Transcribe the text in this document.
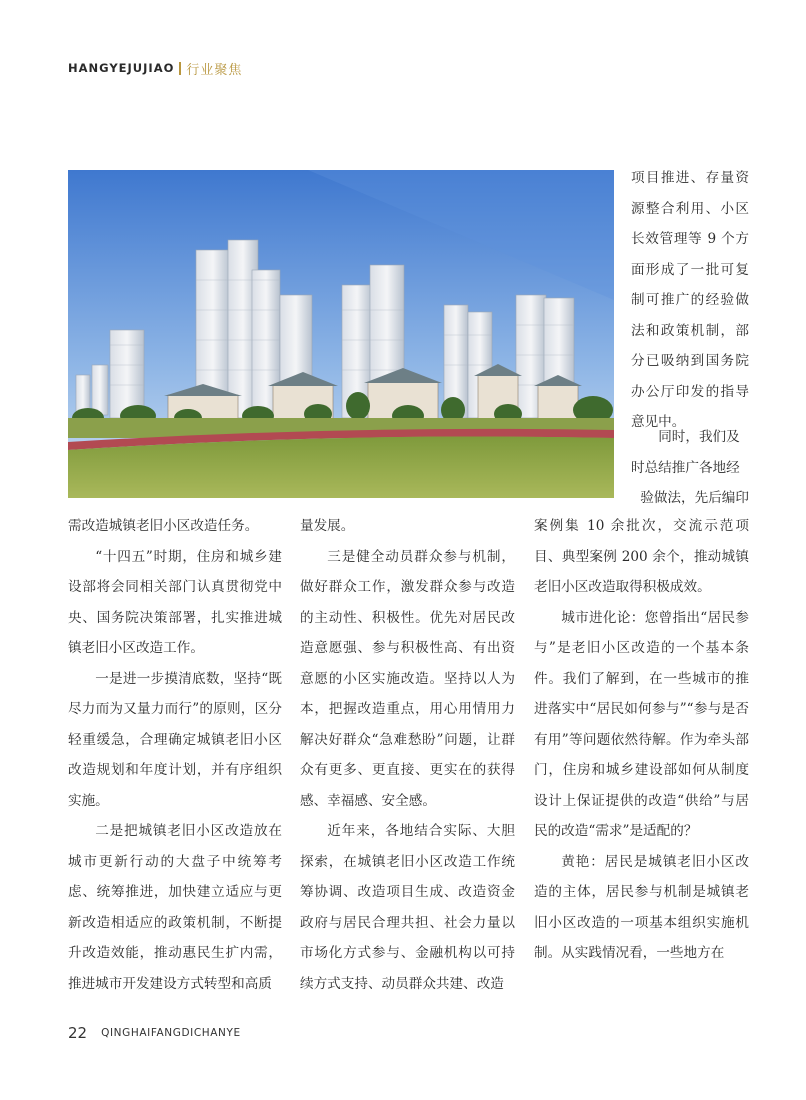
HANGYEJUJIAO 行业聚焦

项目推进、存量资源整合利用、小区长效管理等 9 个方面形成了一批可复制可推广的经验做法和政策机制，部分已吸纳到国务院办公厅印发的指导意见中。

同时，我们及

时总结推广各地经

验做法，先后编印

需改造城镇老旧小区改造任务。

“十四五”时期，住房和城乡建设部将会同相关部门认真贯彻党中央、国务院决策部署，扎实推进城镇老旧小区改造工作。

一是进一步摸清底数，坚持“既尽力而为又量力而行”的原则，区分轻重缓急，合理确定城镇老旧小区改造规划和年度计划，并有序组织实施。

二是把城镇老旧小区改造放在城市更新行动的大盘子中统筹考虑、统筹推进，加快建立适应与更新改造相适应的政策机制，不断提升改造效能，推动惠民生扩内需，推进城市开发建设方式转型和高质

量发展。

三是健全动员群众参与机制，做好群众工作，激发群众参与改造的主动性、积极性。优先对居民改造意愿强、参与积极性高、有出资意愿的小区实施改造。坚持以人为本，把握改造重点，用心用情用力解决好群众“急难愁盼”问题，让群众有更多、更直接、更实在的获得感、幸福感、安全感。

近年来，各地结合实际、大胆探索，在城镇老旧小区改造工作统筹协调、改造项目生成、改造资金政府与居民合理共担、社会力量以市场化方式参与、金融机构以可持续方式支持、动员群众共建、改造

案例集 10 余批次，交流示范项目、典型案例 200 余个，推动城镇老旧小区改造取得积极成效。

城市进化论：您曾指出“居民参与”是老旧小区改造的一个基本条件。我们了解到，在一些城市的推进落实中“居民如何参与”“参与是否有用”等问题依然待解。作为牵头部门，住房和城乡建设部如何从制度设计上保证提供的改造“供给”与居民的改造“需求”是适配的？

黄艳：居民是城镇老旧小区改造的主体，居民参与机制是城镇老旧小区改造的一项基本组织实施机制。从实践情况看，一些地方在

22 QINGHAIFANGDICHANYE
